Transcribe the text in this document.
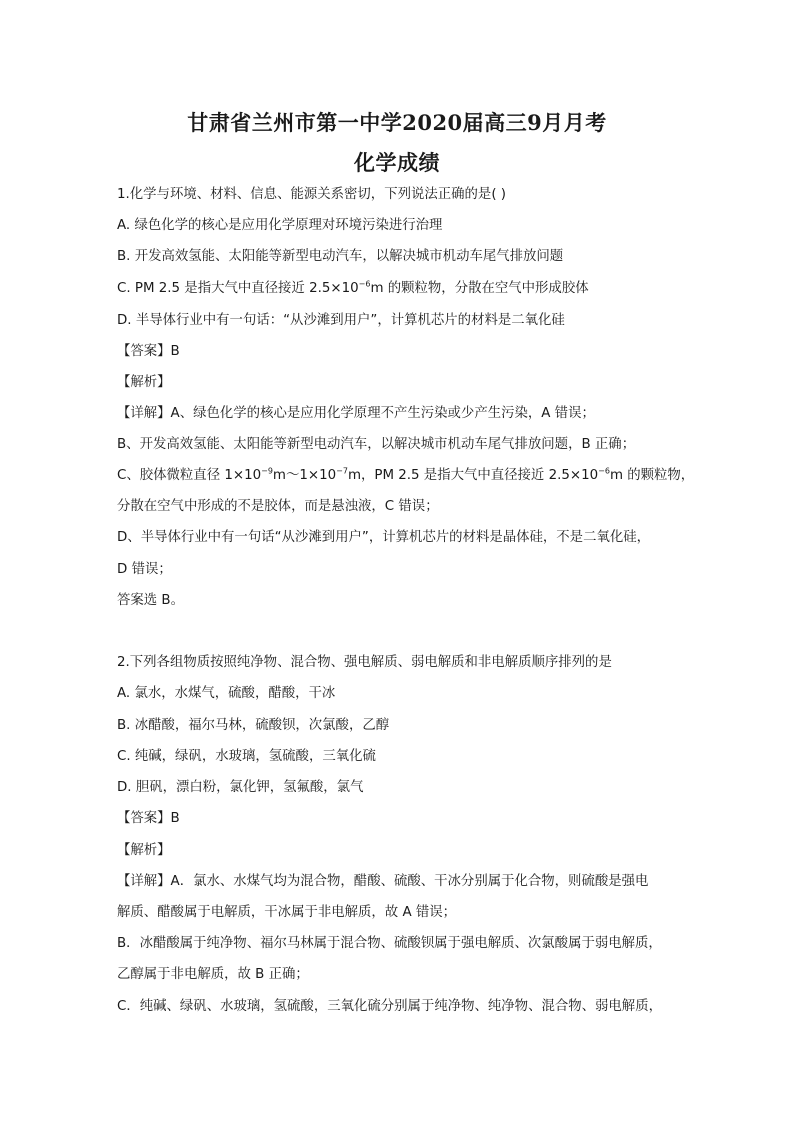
甘肃省兰州市第一中学2020届高三9月月考
化学成绩
1.化学与环境、材料、信息、能源关系密切，下列说法正确的是( )
A. 绿色化学的核心是应用化学原理对环境污染进行治理
B. 开发高效氢能、太阳能等新型电动汽车，以解决城市机动车尾气排放问题
C. PM 2.5 是指大气中直径接近 $2.5\times 10^{-6}m$ 的颗粒物，分散在空气中形成胶体
D. 半导体行业中有一句话：“从沙滩到用户”，计算机芯片的材料是二氧化硅
【答案】B
【解析】
【详解】A、绿色化学的核心是应用化学原理不产生污染或少产生污染，A 错误；
B、开发高效氢能、太阳能等新型电动汽车，以解决城市机动车尾气排放问题，B 正确；
C、胶体微粒直径 $1\times 10^{-9}m\sim 1\times 10^{-7}m$，PM 2.5 是指大气中直径接近 $2.5\times 10^{-6}m$ 的颗粒物，
分散在空气中形成的不是胶体，而是悬浊液，C 错误；
D、半导体行业中有一句话“从沙滩到用户”，计算机芯片的材料是晶体硅，不是二氧化硅，
D 错误；
答案选 B。
2.下列各组物质按照纯净物、混合物、强电解质、弱电解质和非电解质顺序排列的是
A. 氯水，水煤气，硫酸，醋酸，干冰
B. 冰醋酸，福尔马林，硫酸钡，次氯酸，乙醇
C. 纯碱，绿矾，水玻璃，氢硫酸，三氧化硫
D. 胆矾，漂白粉，氯化钾，氢氟酸，氯气
【答案】B
【解析】
【详解】A．氯水、水煤气均为混合物，醋酸、硫酸、干冰分别属于化合物，则硫酸是强电
解质、醋酸属于电解质，干冰属于非电解质，故 A 错误；
B．冰醋酸属于纯净物、福尔马林属于混合物、硫酸钡属于强电解质、次氯酸属于弱电解质，
乙醇属于非电解质，故 B 正确；
C．纯碱、绿矾、水玻璃，氢硫酸，三氧化硫分别属于纯净物、纯净物、混合物、弱电解质，
